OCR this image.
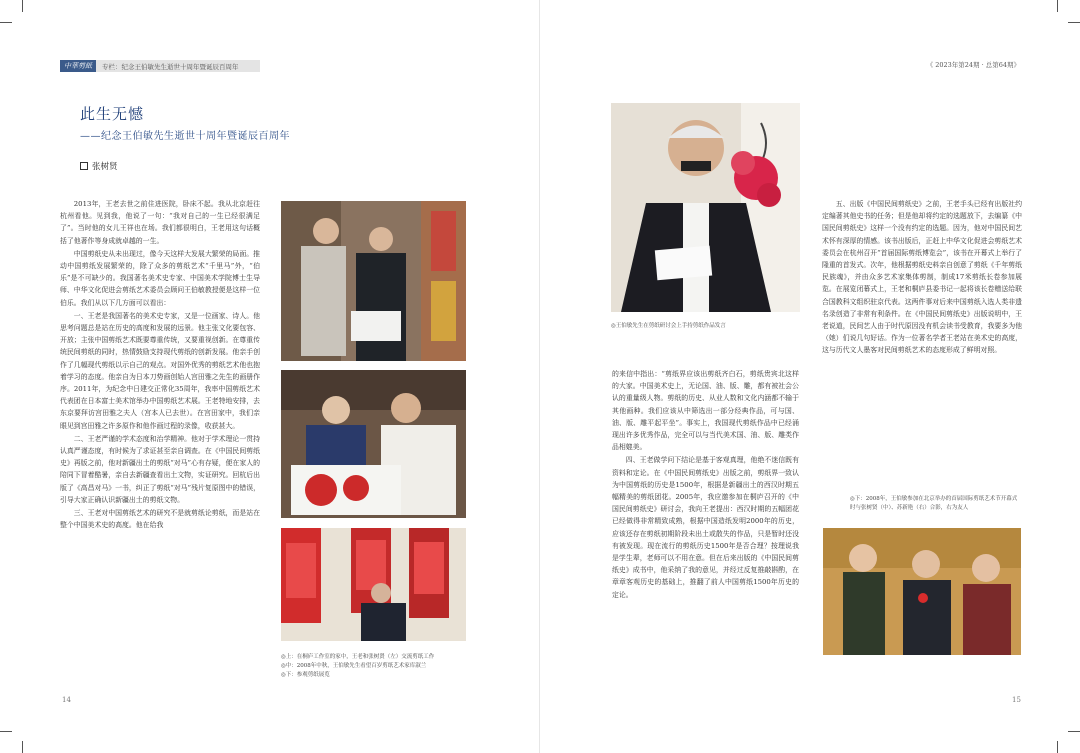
中華剪紙	专栏：纪念王伯敏先生逝世十周年暨诞辰百周年	《 2023年第24期 · 总第64期》
此生无憾
——纪念王伯敏先生逝世十周年暨诞辰百周年
张树贤

2013年，王老去世之前住进医院，卧床不起。我从北京赶往杭州看他。见到我，他说了一句：“我对自己的一生已经很满足了”。当时他的女儿王祥也在场。我们都很明白，王老用这句话概括了他著作等身成就卓越的一生。

中国剪纸史从未出现过，像今天这样大发展大繁荣的局面。推动中国剪纸发展繁荣的，除了众多的剪纸艺术“千里马”外，“伯乐”是不可缺少的。我国著名美术史专家、中国美术学院博士生导师、中华文化促进会剪纸艺术委员会顾问王伯敏教授便是这样一位伯乐。我们从以下几方面可以看出：

一、王老是我国著名的美术史专家，又是一位画家、诗人。他思考问题总是站在历史的高度和发展的远景。他主张文化要包容、开放；主张中国剪纸艺术既要尊重传统，又要重视创新。在尊重传统民间剪纸的同时，热情鼓励支持现代剪纸的创新发展。他亲手创作了几幅现代剪纸以示自己的观点。对国外优秀的剪纸艺术他也抱着学习的态度。他亲自为日本刀势画创始人宫田雅之先生的画册作序。2011年，为纪念中日建交正常化35周年，我率中国剪纸艺术代表团在日本富士美术馆举办中国剪纸艺术展。王老特地安排，去东京要拜访宫田雅之夫人（宫本人已去世）。在宫田家中，我们亲眼见到宫田雅之许多原作和他作画过程的录像，收获甚大。

二、王老严谨的学术态度和治学精神。他对于学术理论一贯持认真严谨态度，有时候为了求证甚至亲自调查。在《中国民间剪纸史》再版之前，他对新疆出土的剪纸“对马”心有存疑，便在家人的陪同下冒着酷暑，亲自去新疆查看出土文物，实证研究。回杭后出版了《高昌对马》一书，纠正了剪纸“对马”残片复原图中的错误，引导大家正确认识新疆出土的剪纸文物。

三、王老对中国剪纸艺术的研究不是就剪纸论剪纸，而是站在整个中国美术史的高度。他在给我

◎上：在桐庐工作室的家中，王老和张树贤（左）交流剪纸工作
◎中：2008年中秋，王伯敏先生看望百岁剪纸艺术家库淑兰
◎下：参观剪纸展览
◎王伯敏先生在剪纸研讨会上手持剪纸作品发言

的来信中指出：“剪纸界应该出剪纸齐白石，剪纸贵宾北这样的大家。中国美术史上，无论国、油、版、雕，都有被社会公认的重量级人物。剪纸的历史、从业人数和文化内涵都不输于其他画种。我们应该从中筛选出一部分经典作品，可与国、油、版、雕平起平坐”。事实上，我国现代剪纸作品中已经涌现出许多优秀作品，完全可以与当代美术国、油、版、雕类作品相媲美。

四、王老做学问下结论是基于客观真理，他绝不迷信既有资料和定论。在《中国民间剪纸史》出版之前，剪纸界一致认为中国剪纸的历史是1500年，根据是新疆出土的西汉时期五幅精美的剪纸团花。2005年，我应邀参加在桐庐召开的《中国民间剪纸史》研讨会，我向王老提出：西汉时期的五幅团花已经做得非常精致成熟，根据中国造纸发明2000年的历史，应该还存在剪纸初期阶段未出土或散失的作品，只是暂时还没有被发现。现在流行的剪纸历史1500年是否合理？按理说我是学生辈，老师可以不用在意。但在后来出版的《中国民间剪纸史》成书中，他采纳了我的意见，并经过反复推敲斟酌，在章章客观历史的基础上，推翻了前人中国剪纸1500年历史的定论。

五、出版《中国民间剪纸史》之前，王老手头已经有出版社约定编著其他史书的任务；但是他却将约定的选题放下，去编纂《中国民间剪纸史》这样一个没有约定的选题。因为，他对中国民间艺术怀有深厚的情感。该书出版后，正赶上中华文化促进会剪纸艺术委员会在杭州召开“首届国际剪纸博览会”，该书在开幕式上举行了隆重的首发式。次年，他根据剪纸史料亲自创意了剪纸《千年剪纸民族魂》，并由众多艺术家集体剪制，制成17米剪纸长卷参加展览。在展览闭幕式上，王老和桐庐县委书记一起将该长卷赠送给联合国教科文组织驻京代表。这两件事对后来中国剪纸入选人类非遗名录创造了非常有利条件。在《中国民间剪纸史》出版说明中，王老说道，民间艺人由于时代原因没有机会读书受教育，我要多为他（她）们说几句好话。作为一位著名学者王老站在美术史的高度，这与历代文人墨客对民间剪纸艺术的态度形成了鲜明对照。

◎下：2008年，王伯敏参加在北京举办的首届国际剪纸艺术节开幕式时与张树贤（中）、苏新艳（右）合影，右为友人
14	15
